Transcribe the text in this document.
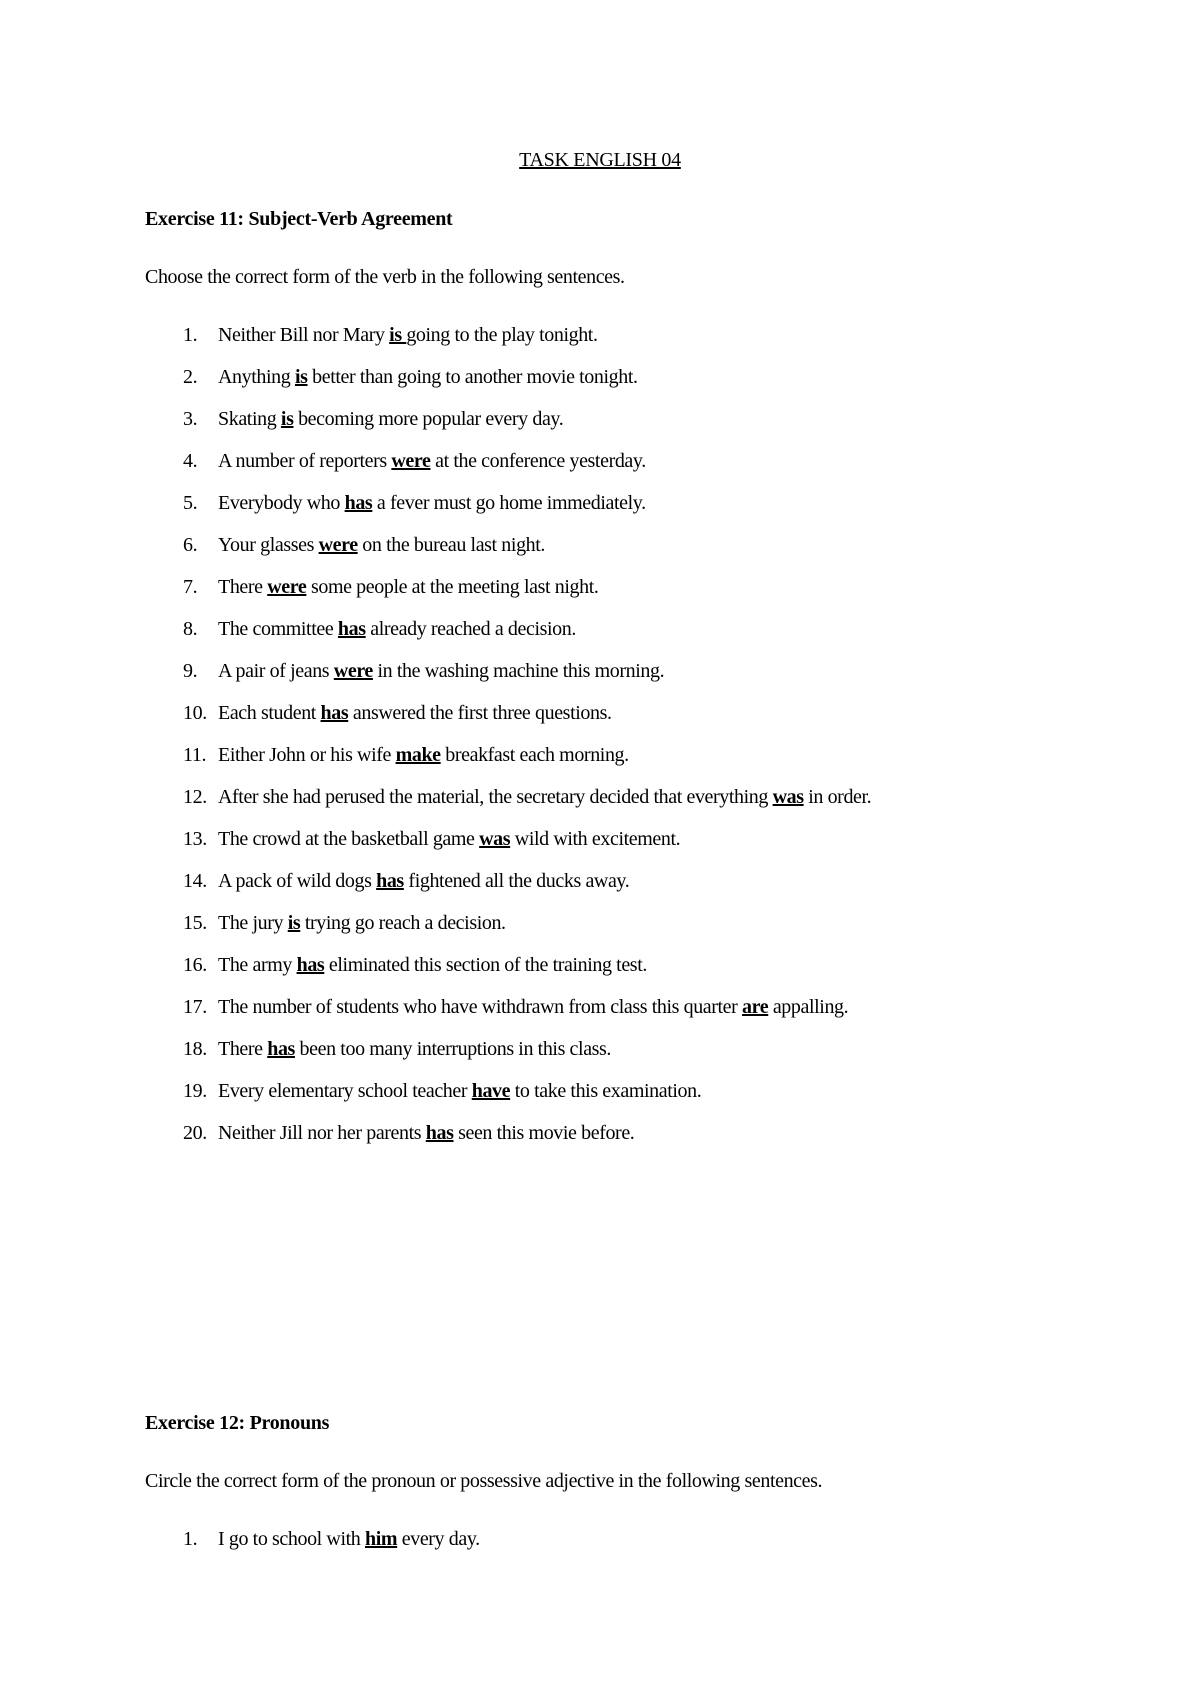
TASK ENGLISH 04
Exercise 11: Subject-Verb Agreement
Choose the correct form of the verb in the following sentences.
1. Neither Bill nor Mary is going to the play tonight.
2. Anything is better than going to another movie tonight.
3. Skating is becoming more popular every day.
4. A number of reporters were at the conference yesterday.
5. Everybody who has a fever must go home immediately.
6. Your glasses were on the bureau last night.
7. There were some people at the meeting last night.
8. The committee has already reached a decision.
9. A pair of jeans were in the washing machine this morning.
10. Each student has answered the first three questions.
11. Either John or his wife make breakfast each morning.
12. After she had perused the material, the secretary decided that everything was in order.
13. The crowd at the basketball game was wild with excitement.
14. A pack of wild dogs has fightened all the ducks away.
15. The jury is trying go reach a decision.
16. The army has eliminated this section of the training test.
17. The number of students who have withdrawn from class this quarter are appalling.
18. There has been too many interruptions in this class.
19. Every elementary school teacher have to take this examination.
20. Neither Jill nor her parents has seen this movie before.
Exercise 12: Pronouns
Circle the correct form of the pronoun or possessive adjective in the following sentences.
1. I go to school with him every day.
